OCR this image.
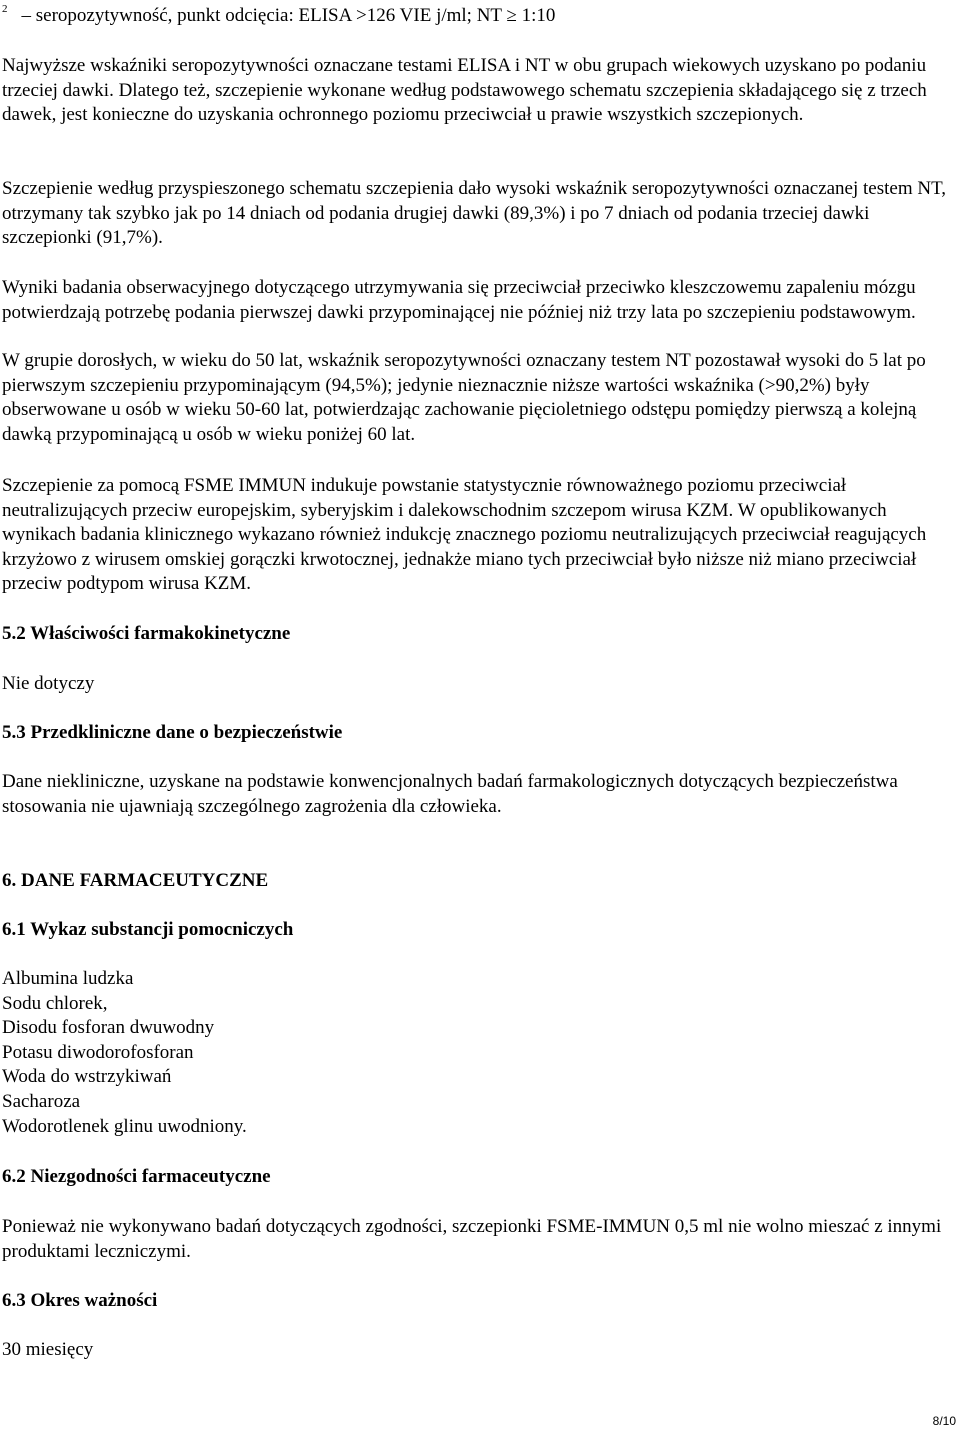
$^2$ – seropozytywność, punkt odcięcia: ELISA >126 VIE j/ml; NT ≥ 1:10

Najwyższe wskaźniki seropozytywności oznaczane testami ELISA i NT w obu grupach wiekowych uzyskano po podaniu trzeciej dawki. Dlatego też, szczepienie wykonane według podstawowego schematu szczepienia składającego się z trzech dawek, jest konieczne do uzyskania ochronnego poziomu przeciwciał u prawie wszystkich szczepionych.

Szczepienie według przyspieszonego schematu szczepienia dało wysoki wskaźnik seropozytywności oznaczanej testem NT, otrzymany tak szybko jak po 14 dniach od podania drugiej dawki (89,3%) i po 7 dniach od podania trzeciej dawki szczepionki (91,7%).

Wyniki badania obserwacyjnego dotyczącego utrzymywania się przeciwciał przeciwko kleszczowemu zapaleniu mózgu potwierdzają potrzebę podania pierwszej dawki przypominającej nie później niż trzy lata po szczepieniu podstawowym.

W grupie dorosłych, w wieku do 50 lat, wskaźnik seropozytywności oznaczany testem NT pozostawał wysoki do 5 lat po pierwszym szczepieniu przypominającym (94,5%); jedynie nieznacznie niższe wartości wskaźnika (>90,2%) były obserwowane u osób w wieku 50-60 lat, potwierdzając zachowanie pięcioletniego odstępu pomiędzy pierwszą a kolejną dawką przypominającą u osób w wieku poniżej 60 lat.

Szczepienie za pomocą FSME IMMUN indukuje powstanie statystycznie równoważnego poziomu przeciwciał neutralizujących przeciw europejskim, syberyjskim i dalekowschodnim szczepom wirusa KZM. W opublikowanych wynikach badania klinicznego wykazano również indukcję znacznego poziomu neutralizujących przeciwciał reagujących krzyżowo z wirusem omskiej gorączki krwotocznej, jednakże miano tych przeciwciał było niższe niż miano przeciwciał przeciw podtypom wirusa KZM.

5.2 Właściwości farmakokinetyczne
Nie dotyczy
5.3 Przedkliniczne dane o bezpieczeństwie

Dane niekliniczne, uzyskane na podstawie konwencjonalnych badań farmakologicznych dotyczących bezpieczeństwa stosowania nie ujawniają szczególnego zagrożenia dla człowieka.

6. DANE FARMACEUTYCZNE
6.1 Wykaz substancji pomocniczych
Albumina ludzka
Sodu chlorek,
Disodu fosforan dwuwodny
Potasu diwodorofosforan
Woda do wstrzykiwań
Sacharoza
Wodorotlenek glinu uwodniony.
6.2 Niezgodności farmaceutyczne

Ponieważ nie wykonywano badań dotyczących zgodności, szczepionki FSME-IMMUN 0,5 ml nie wolno mieszać z innymi produktami leczniczymi.

6.3 Okres ważności
30 miesięcy
8/10
